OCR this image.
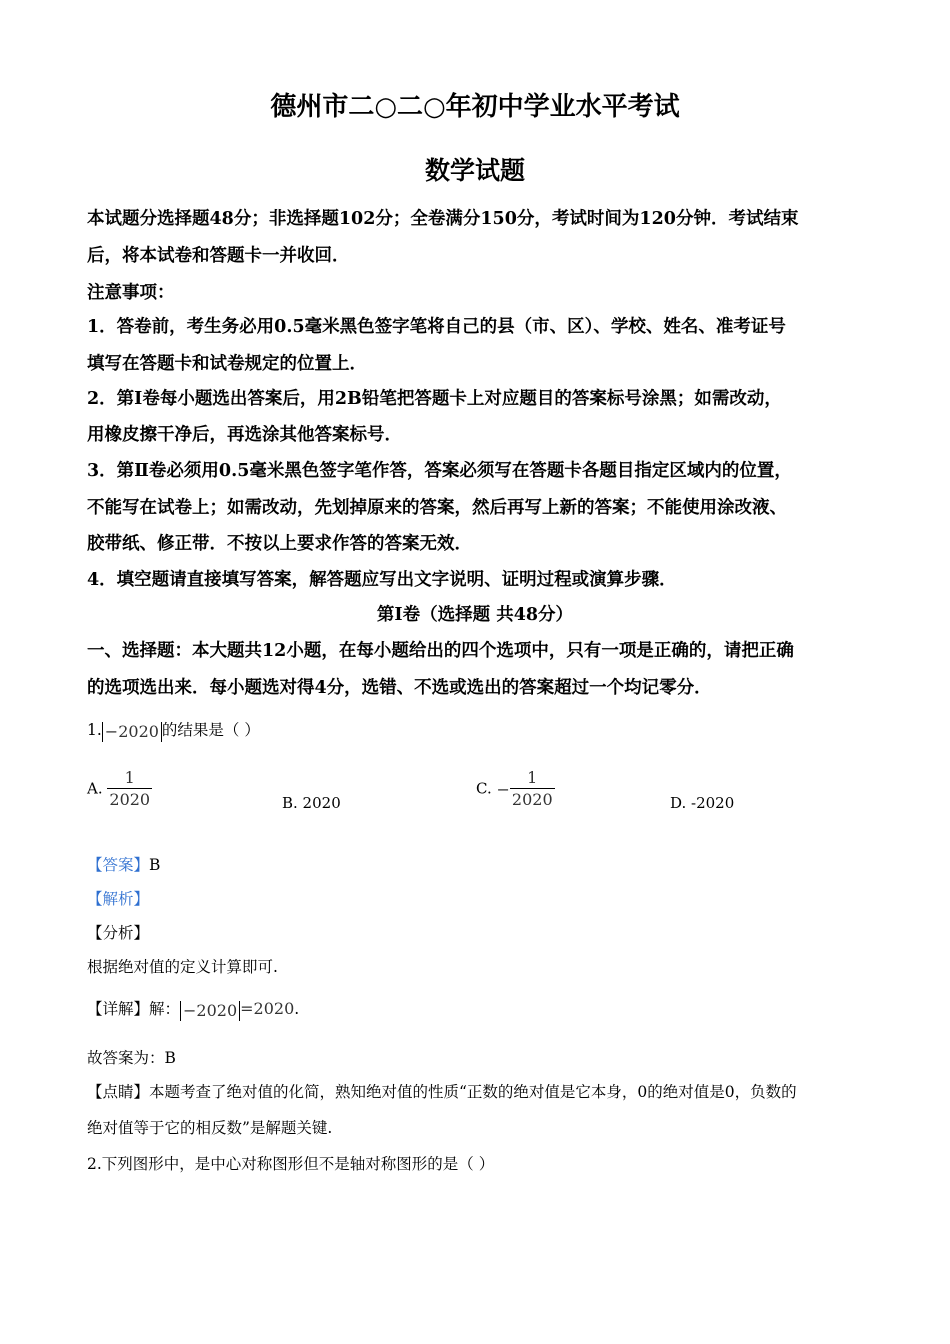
德州市二○二○年初中学业水平考试
数学试题
本试题分选择题48分；非选择题102分；全卷满分150分，考试时间为120分钟．考试结束
后，将本试卷和答题卡一并收回．
注意事项：
1．答卷前，考生务必用0.5毫米黑色签字笔将自己的县（市、区）、学校、姓名、准考证号
填写在答题卡和试卷规定的位置上．
2．第Ⅰ卷每小题选出答案后，用2B铅笔把答题卡上对应题目的答案标号涂黑；如需改动，
用橡皮擦干净后，再选涂其他答案标号．
3．第Ⅱ卷必须用0.5毫米黑色签字笔作答，答案必须写在答题卡各题目指定区域内的位置，
不能写在试卷上；如需改动，先划掉原来的答案，然后再写上新的答案；不能使用涂改液、
胶带纸、修正带．不按以上要求作答的答案无效．
4．填空题请直接填写答案，解答题应写出文字说明、证明过程或演算步骤．
第Ⅰ卷（选择题 共48分）
一、选择题：本大题共12小题，在每小题给出的四个选项中，只有一项是正确的，请把正确
的选项选出来．每小题选对得4分，选错、不选或选出的答案超过一个均记零分．
1. −2020 的结果是（ ）
A. $\frac{1}{2020}$	B. 2020
C. − $\frac{1}{2020}$	D. -2020
【答案】B
【解析】
【分析】
根据绝对值的定义计算即可.
【详解】解： −2020 =2020.
故答案为：B
【点睛】本题考查了绝对值的化简，熟知绝对值的性质“正数的绝对值是它本身，0的绝对值是0，负数的
绝对值等于它的相反数”是解题关键.
2.下列图形中，是中心对称图形但不是轴对称图形的是（ ）
